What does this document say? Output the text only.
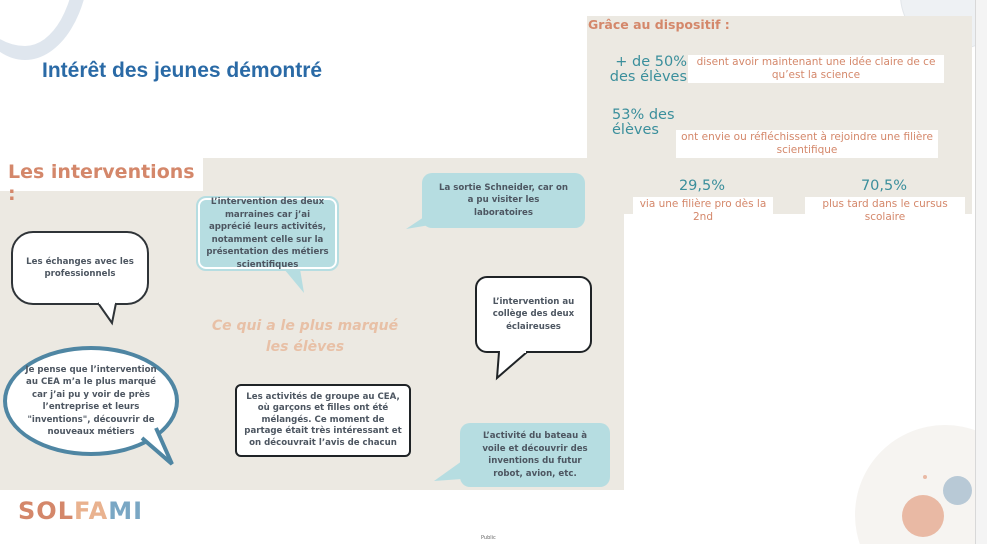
Intérêt des jeunes démontré
Grâce au dispositif :
+ de 50% des élèves
disent avoir maintenant une idée claire de ce qu’est la science
53% des élèves	ont envie ou réfléchissent à rejoindre une filière scientifique
29,5%
via une filière pro dès la 2nd
70,5%
plus tard dans le cursus scolaire
Les interventions :
Ce qui a le plus marqué les élèves
Les échanges avec les professionnels
L’intervention des deux marraines car j’ai apprécié leurs activités, notamment celle sur la présentation des métiers scientifiques
La sortie Schneider, car on a pu visiter les laboratoires
L’intervention au collège des deux éclaireuses
Je pense que l’intervention au CEA m’a le plus marqué car j’ai pu y voir de près l’entreprise et leurs "inventions", découvrir de nouveaux métiers
Les activités de groupe au CEA, où garçons et filles ont été mélangés. Ce moment de partage était très intéressant et on découvrait l’avis de chacun
L’activité du bateau à voile et découvrir des inventions du futur robot, avion, etc.
SOLFAMI
Public
